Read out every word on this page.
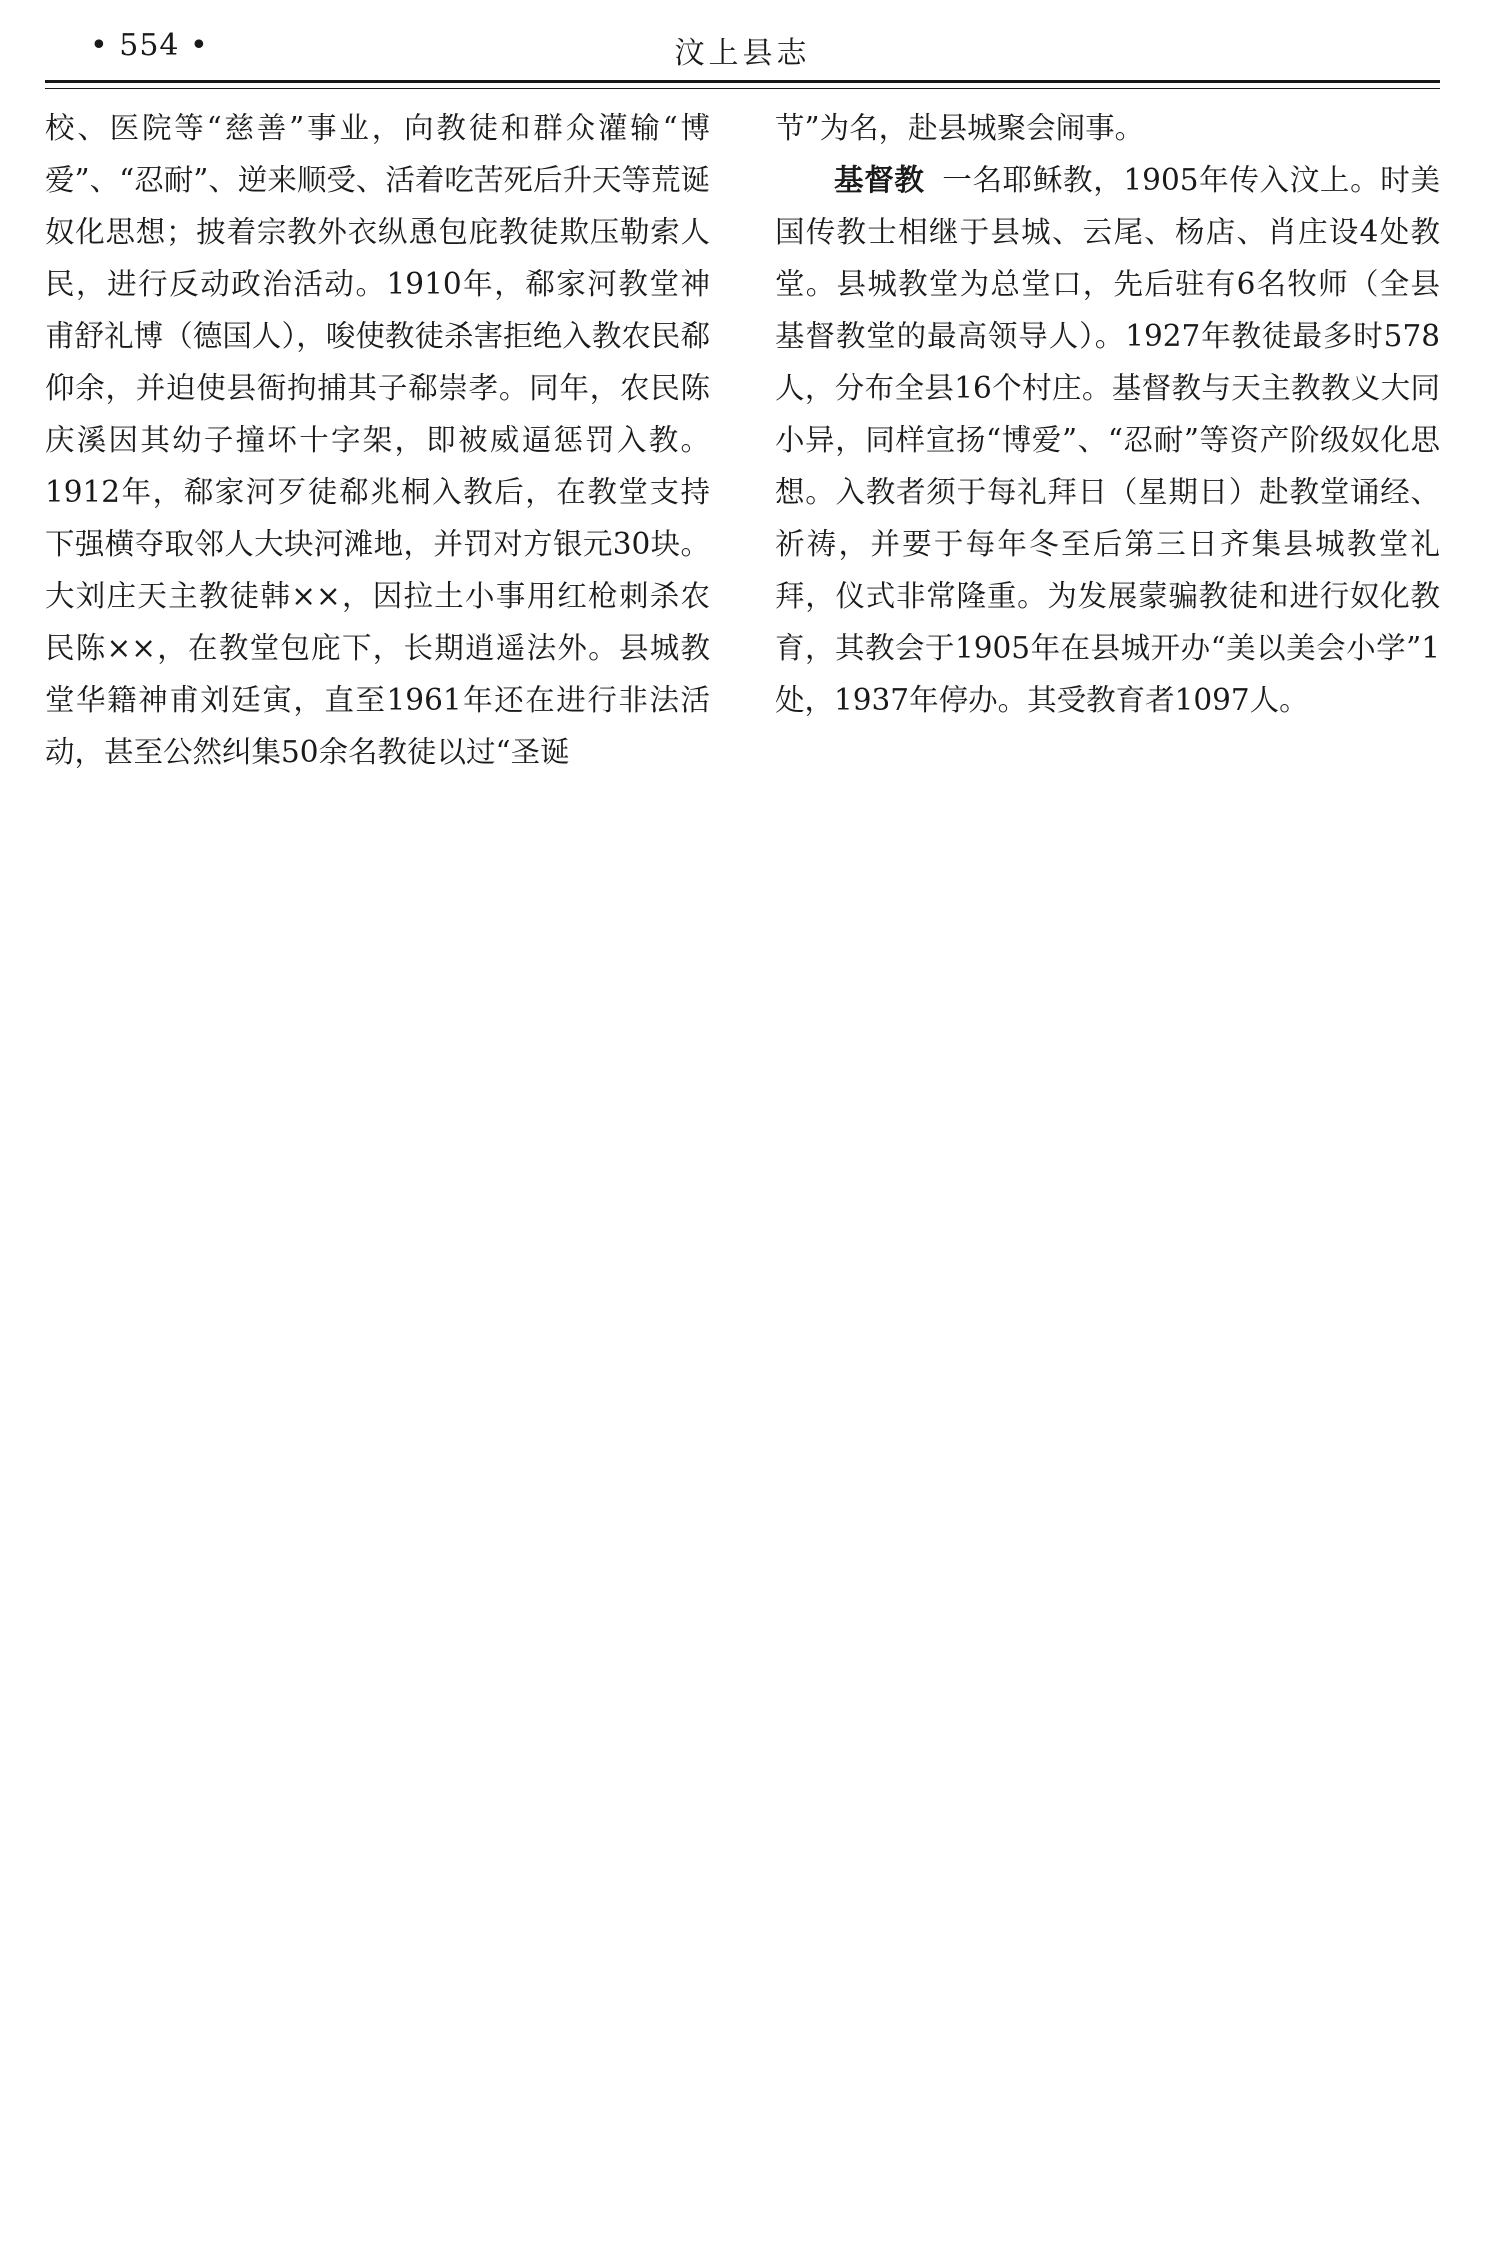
• 554 •	汶上县志

校、医院等“慈善”事业，向教徒和群众灌输“博爱”、“忍耐”、逆来顺受、活着吃苦死后升天等荒诞奴化思想；披着宗教外衣纵恿包庇教徒欺压勒索人民，进行反动政治活动。1910年，郗家河教堂神甫舒礼博（德国人），唆使教徒杀害拒绝入教农民郗仰余，并迫使县衙拘捕其子郗崇孝。同年，农民陈庆溪因其幼子撞坏十字架，即被威逼惩罚入教。1912年，郗家河歹徒郗兆桐入教后，在教堂支持下强横夺取邻人大块河滩地，并罚对方银元30块。大刘庄天主教徒韩××，因拉土小事用红枪刺杀农民陈××，在教堂包庇下，长期逍遥法外。县城教堂华籍神甫刘廷寅，直至1961年还在进行非法活动，甚至公然纠集50余名教徒以过“圣诞

节”为名，赴县城聚会闹事。

基督教 一名耶稣教，1905年传入汶上。时美国传教士相继于县城、云尾、杨店、肖庄设4处教堂。县城教堂为总堂口，先后驻有6名牧师（全县基督教堂的最高领导人）。1927年教徒最多时578人，分布全县16个村庄。基督教与天主教教义大同小异，同样宣扬“博爱”、“忍耐”等资产阶级奴化思想。入教者须于每礼拜日（星期日）赴教堂诵经、祈祷，并要于每年冬至后第三日齐集县城教堂礼拜，仪式非常隆重。为发展蒙骗教徒和进行奴化教育，其教会于1905年在县城开办“美以美会小学”1处，1937年停办。其受教育者1097人。
